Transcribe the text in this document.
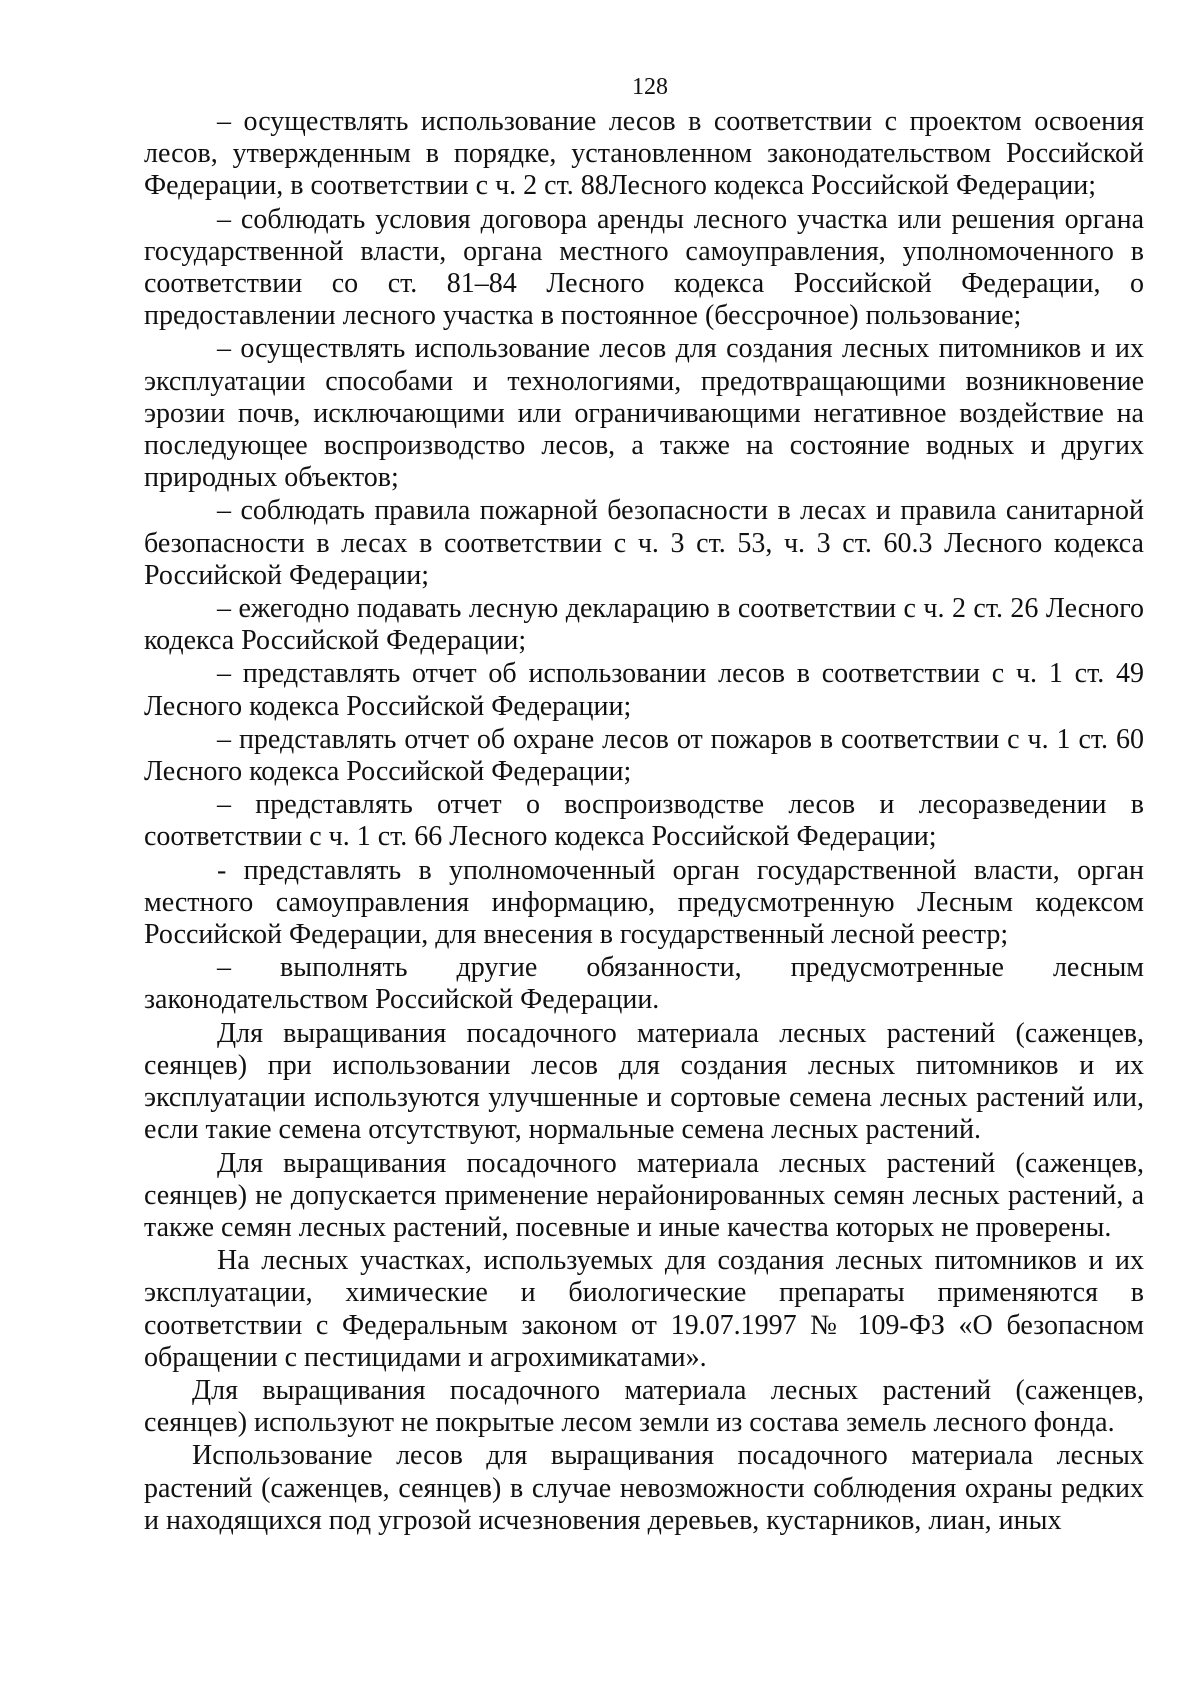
128

– осуществлять использование лесов в соответствии с проектом освоения лесов, утвержденным в порядке, установленном законодательством Российской Федерации, в соответствии с ч. 2 ст. 88Лесного кодекса Российской Федерации;

– соблюдать условия договора аренды лесного участка или решения органа государственной власти, органа местного самоуправления, уполномоченного в соответствии со ст. 81–84 Лесного кодекса Российской Федерации, о предоставлении лесного участка в постоянное (бессрочное) пользование;

– осуществлять использование лесов для создания лесных питомников и их эксплуатации способами и технологиями, предотвращающими возникновение эрозии почв, исключающими или ограничивающими негативное воздействие на последующее воспроизводство лесов, а также на состояние водных и других природных объектов;

– соблюдать правила пожарной безопасности в лесах и правила санитарной безопасности в лесах в соответствии с ч. 3 ст. 53, ч. 3 ст. 60.3 Лесного кодекса Российской Федерации;

– ежегодно подавать лесную декларацию в соответствии с ч. 2 ст. 26 Лесного кодекса Российской Федерации;

– представлять отчет об использовании лесов в соответствии с ч. 1 ст. 49 Лесного кодекса Российской Федерации;

– представлять отчет об охране лесов от пожаров в соответствии с ч. 1 ст. 60 Лесного кодекса Российской Федерации;

– представлять отчет о воспроизводстве лесов и лесоразведении в соответствии с ч. 1 ст. 66 Лесного кодекса Российской Федерации;

- представлять в уполномоченный орган государственной власти, орган местного самоуправления информацию, предусмотренную Лесным кодексом Российской Федерации, для внесения в государственный лесной реестр;

– выполнять другие обязанности, предусмотренные лесным законодательством Российской Федерации.

Для выращивания посадочного материала лесных растений (саженцев, сеянцев) при использовании лесов для создания лесных питомников и их эксплуатации используются улучшенные и сортовые семена лесных растений или, если такие семена отсутствуют, нормальные семена лесных растений.

Для выращивания посадочного материала лесных растений (саженцев, сеянцев) не допускается применение нерайонированных семян лесных растений, а также семян лесных растений, посевные и иные качества которых не проверены.

На лесных участках, используемых для создания лесных питомников и их эксплуатации, химические и биологические препараты применяются в соответствии с Федеральным законом от 19.07.1997 № 109-ФЗ «О безопасном обращении с пестицидами и агрохимикатами».

Для выращивания посадочного материала лесных растений (саженцев, сеянцев) используют не покрытые лесом земли из состава земель лесного фонда.

Использование лесов для выращивания посадочного материала лесных растений (саженцев, сеянцев) в случае невозможности соблюдения охраны редких и находящихся под угрозой исчезновения деревьев, кустарников, лиан, иных
